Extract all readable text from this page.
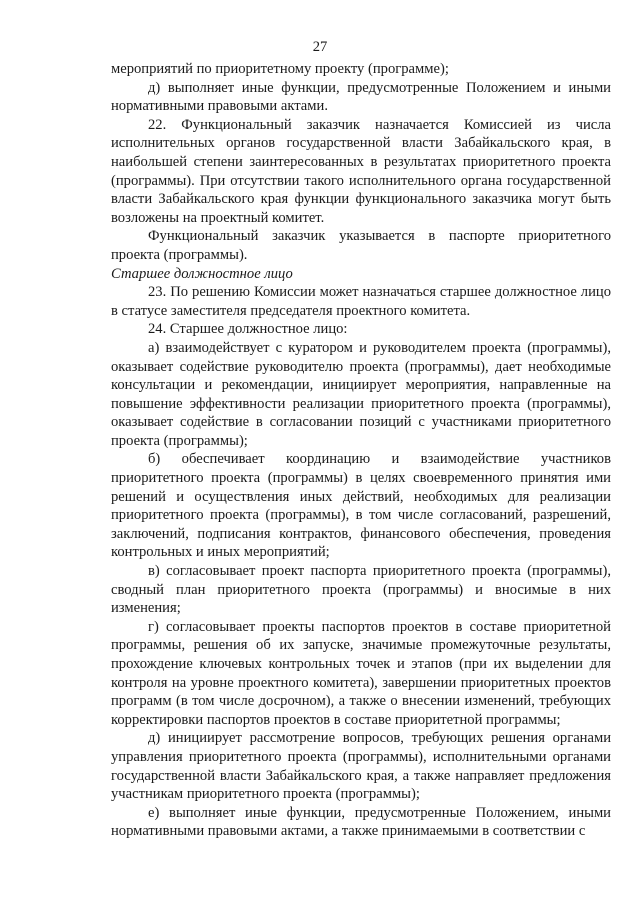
27

мероприятий по приоритетному проекту (программе);

д) выполняет иные функции, предусмотренные Положением и иными нормативными правовыми актами.

22. Функциональный заказчик назначается Комиссией из числа исполнительных органов государственной власти Забайкальского края, в наибольшей степени заинтересованных в результатах приоритетного проекта (программы). При отсутствии такого исполнительного органа государственной власти Забайкальского края функции функционального заказчика могут быть возложены на проектный комитет.

Функциональный заказчик указывается в паспорте приоритетного проекта (программы).

Старшее должностное лицо

23. По решению Комиссии может назначаться старшее должностное лицо в статусе заместителя председателя проектного комитета.

24. Старшее должностное лицо:

а) взаимодействует с куратором и руководителем проекта (программы), оказывает содействие руководителю проекта (программы), дает необходимые консультации и рекомендации, инициирует мероприятия, направленные на повышение эффективности реализации приоритетного проекта (программы), оказывает содействие в согласовании позиций с участниками приоритетного проекта (программы);

б) обеспечивает координацию и взаимодействие участников приоритетного проекта (программы) в целях своевременного принятия ими решений и осуществления иных действий, необходимых для реализации приоритетного проекта (программы), в том числе согласований, разрешений, заключений, подписания контрактов, финансового обеспечения, проведения контрольных и иных мероприятий;

в) согласовывает проект паспорта приоритетного проекта (программы), сводный план приоритетного проекта (программы) и вносимые в них изменения;

г) согласовывает проекты паспортов проектов в составе приоритетной программы, решения об их запуске, значимые промежуточные результаты, прохождение ключевых контрольных точек и этапов (при их выделении для контроля на уровне проектного комитета), завершении приоритетных проектов программ (в том числе досрочном), а также о внесении изменений, требующих корректировки паспортов проектов в составе приоритетной программы;

д) инициирует рассмотрение вопросов, требующих решения органами управления приоритетного проекта (программы), исполнительными органами государственной власти Забайкальского края, а также направляет предложения участникам приоритетного проекта (программы);

е) выполняет иные функции, предусмотренные Положением, иными нормативными правовыми актами, а также принимаемыми в соответствии с
